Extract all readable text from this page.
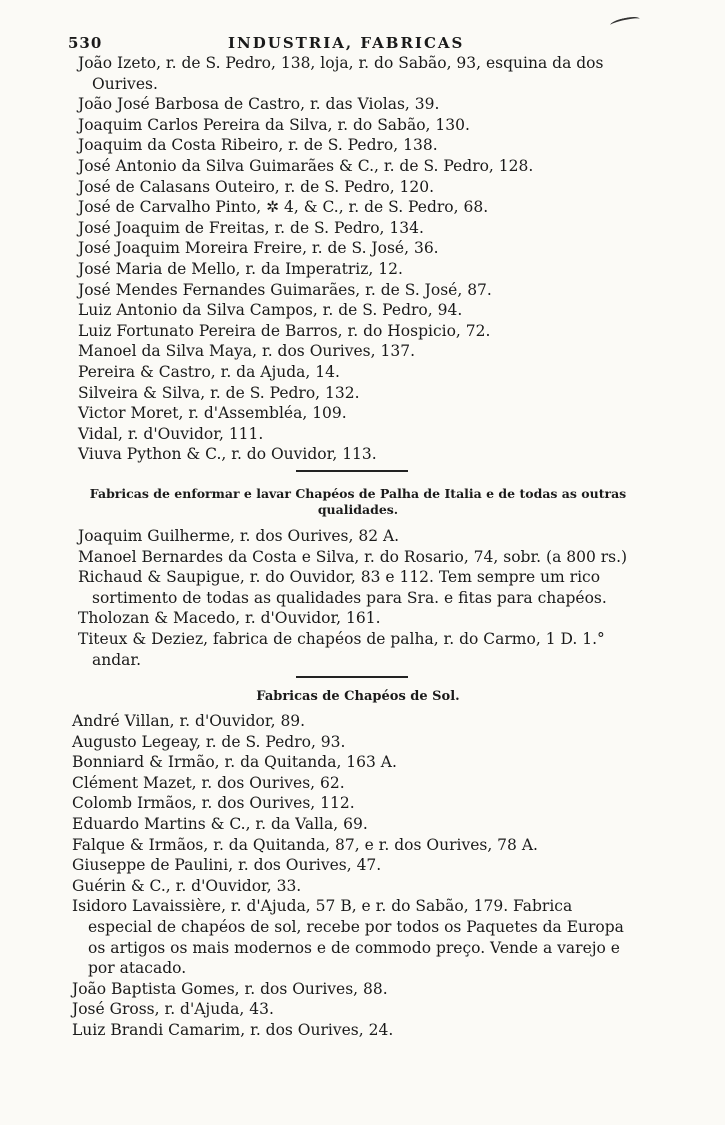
530	INDUSTRIA, FABRICAS
João Izeto, r. de S. Pedro, 138, loja, r. do Sabão, 93, esquina da dos Ourives.
João José Barbosa de Castro, r. das Violas, 39.
Joaquim Carlos Pereira da Silva, r. do Sabão, 130.
Joaquim da Costa Ribeiro, r. de S. Pedro, 138.
José Antonio da Silva Guimarães & C., r. de S. Pedro, 128.
José de Calasans Outeiro, r. de S. Pedro, 120.
José de Carvalho Pinto, ✲ 4, & C., r. de S. Pedro, 68.
José Joaquim de Freitas, r. de S. Pedro, 134.
José Joaquim Moreira Freire, r. de S. José, 36.
José Maria de Mello, r. da Imperatriz, 12.
José Mendes Fernandes Guimarães, r. de S. José, 87.
Luiz Antonio da Silva Campos, r. de S. Pedro, 94.
Luiz Fortunato Pereira de Barros, r. do Hospicio, 72.
Manoel da Silva Maya, r. dos Ourives, 137.
Pereira & Castro, r. da Ajuda, 14.
Silveira & Silva, r. de S. Pedro, 132.
Victor Moret, r. d'Assembléa, 109.
Vidal, r. d'Ouvidor, 111.
Viuva Python & C., r. do Ouvidor, 113.
Fabricas de enformar e lavar Chapéos de Palha de Italia e de todas as outras qualidades.
Joaquim Guilherme, r. dos Ourives, 82 A.
Manoel Bernardes da Costa e Silva, r. do Rosario, 74, sobr. (a 800 rs.)
Richaud & Saupigue, r. do Ouvidor, 83 e 112. Tem sempre um rico sortimento de todas as qualidades para Sra. e fitas para chapéos.
Tholozan & Macedo, r. d'Ouvidor, 161.
Titeux & Deziez, fabrica de chapéos de palha, r. do Carmo, 1 D. 1.° andar.
Fabricas de Chapéos de Sol.
André Villan, r. d'Ouvidor, 89.
Augusto Legeay, r. de S. Pedro, 93.
Bonniard & Irmão, r. da Quitanda, 163 A.
Clément Mazet, r. dos Ourives, 62.
Colomb Irmãos, r. dos Ourives, 112.
Eduardo Martins & C., r. da Valla, 69.
Falque & Irmãos, r. da Quitanda, 87, e r. dos Ourives, 78 A.
Giuseppe de Paulini, r. dos Ourives, 47.
Guérin & C., r. d'Ouvidor, 33.
Isidoro Lavaissière, r. d'Ajuda, 57 B, e r. do Sabão, 179. Fabrica especial de chapéos de sol, recebe por todos os Paquetes da Europa os artigos os mais modernos e de commodo preço. Vende a varejo e por atacado.
João Baptista Gomes, r. dos Ourives, 88.
José Gross, r. d'Ajuda, 43.
Luiz Brandi Camarim, r. dos Ourives, 24.
